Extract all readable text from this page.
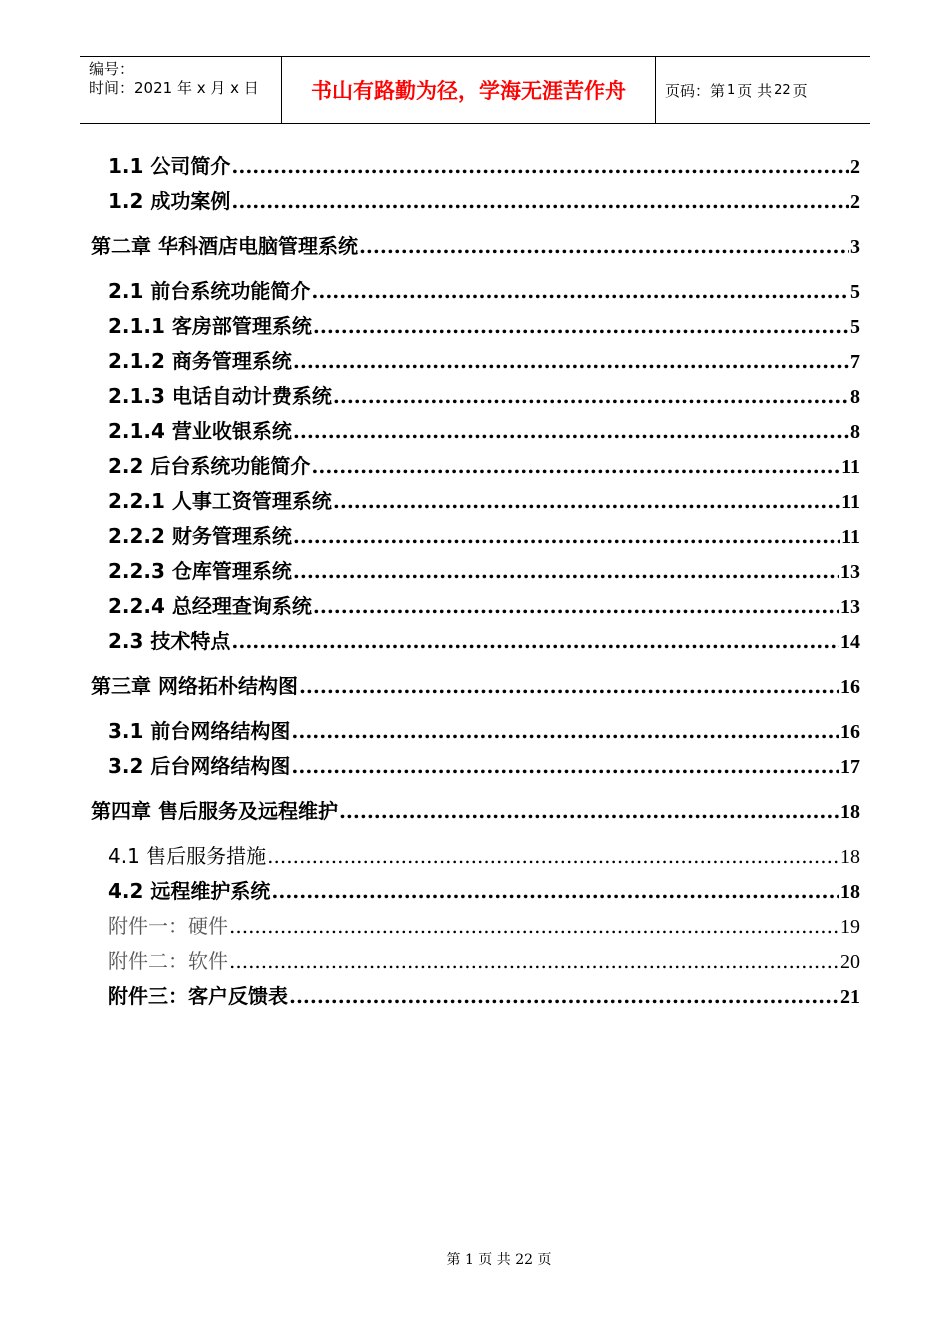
编号：
时间：2021 年 x 月 x 日	书山有路勤为径，学海无涯苦作舟	页码：第 1 页 共 22 页
1.1 公司简介 .....	2
1.2 成功案例 .....	2
第二章 华科酒店电脑管理系统 .....	3
2.1 前台系统功能简介 .....	5
2.1.1 客房部管理系统 .....	5
2.1.2 商务管理系统 .....	7
2.1.3 电话自动计费系统 .....	8
2.1.4 营业收银系统 .....	8
2.2 后台系统功能简介 .....	11
2.2.1 人事工资管理系统 .....	11
2.2.2 财务管理系统 .....	11
2.2.3 仓库管理系统 .....	13
2.2.4 总经理查询系统 .....	13
2.3 技术特点 .....	14
第三章 网络拓朴结构图 .....	16
3.1 前台网络结构图 .....	16
3.2 后台网络结构图 .....	17
第四章 售后服务及远程维护 .....	18
4.1 售后服务措施 .....	18
4.2 远程维护系统 .....	18
附件一：硬件 .....	19
附件二：软件 .....	20
附件三：客户反馈表 .....	21
第 1 页 共 22 页
